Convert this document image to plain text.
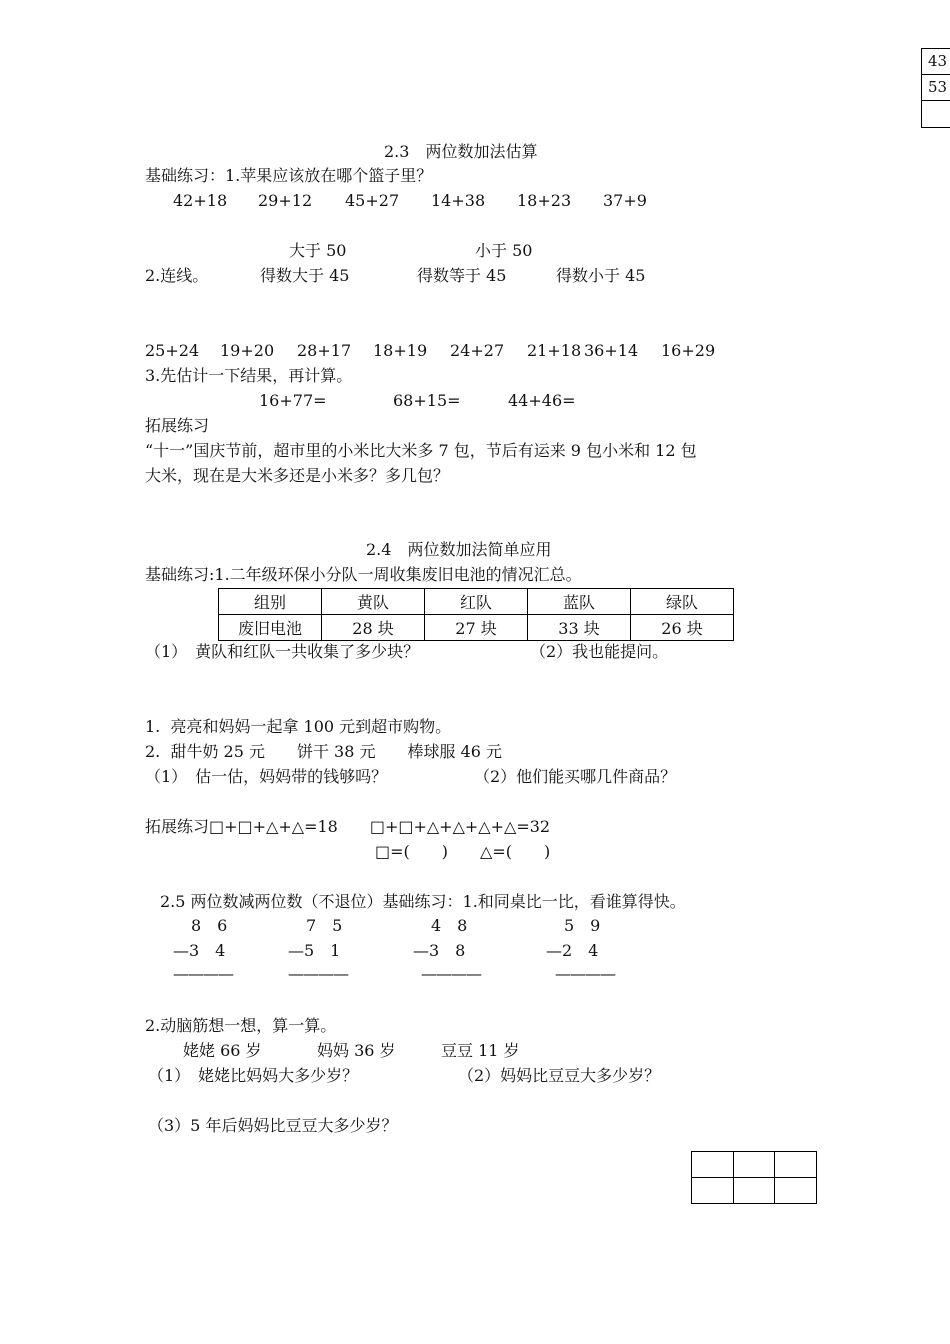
43
53
2.3　两位数加法估算
基础练习：1.苹果应该放在哪个篮子里？
42+18 29+12 45+27 14+38 18+23 37+9
大于 50	小于 50
2.连线。	得数大于 45	得数等于 45	得数小于 45
25+24 19+20 28+17 18+19 24+27 21+18 36+14 16+29
3.先估计一下结果，再计算。
16+77=	68+15=	44+46=
拓展练习
“十一”国庆节前，超市里的小米比大米多 7 包，节后有运来 9 包小米和 12 包
大米，现在是大米多还是小米多？多几包？
2.4　两位数加法简单应用
基础练习:1.二年级环保小分队一周收集废旧电池的情况汇总。
组别	黄队	红队	蓝队	绿队
废旧电池	28 块	27 块	33 块	26 块
（1）　黄队和红队一共收集了多少块？	（2）我也能提问。
1.  亮亮和妈妈一起拿 100 元到超市购物。
2.  甜牛奶 25 元　　饼干 38 元　　棒球服 46 元
（1）　估一估，妈妈带的钱够吗？	（2）他们能买哪几件商品？
拓展练习□+□+△+△=18　　□+□+△+△+△+△=32
□=(　　)　　△=(　　)
2.5 两位数减两位数（不退位）基础练习：1.和同桌比一比，看谁算得快。
8　6
—3　4
————
7　5
—5　1
————
4　8
—3　8
————
5　9
—2　4
————
2.动脑筋想一想，算一算。
姥姥 66 岁	妈妈 36 岁	豆豆 11 岁
（1）　姥姥比妈妈大多少岁？	（2）妈妈比豆豆大多少岁？
（3）5 年后妈妈比豆豆大多少岁？
